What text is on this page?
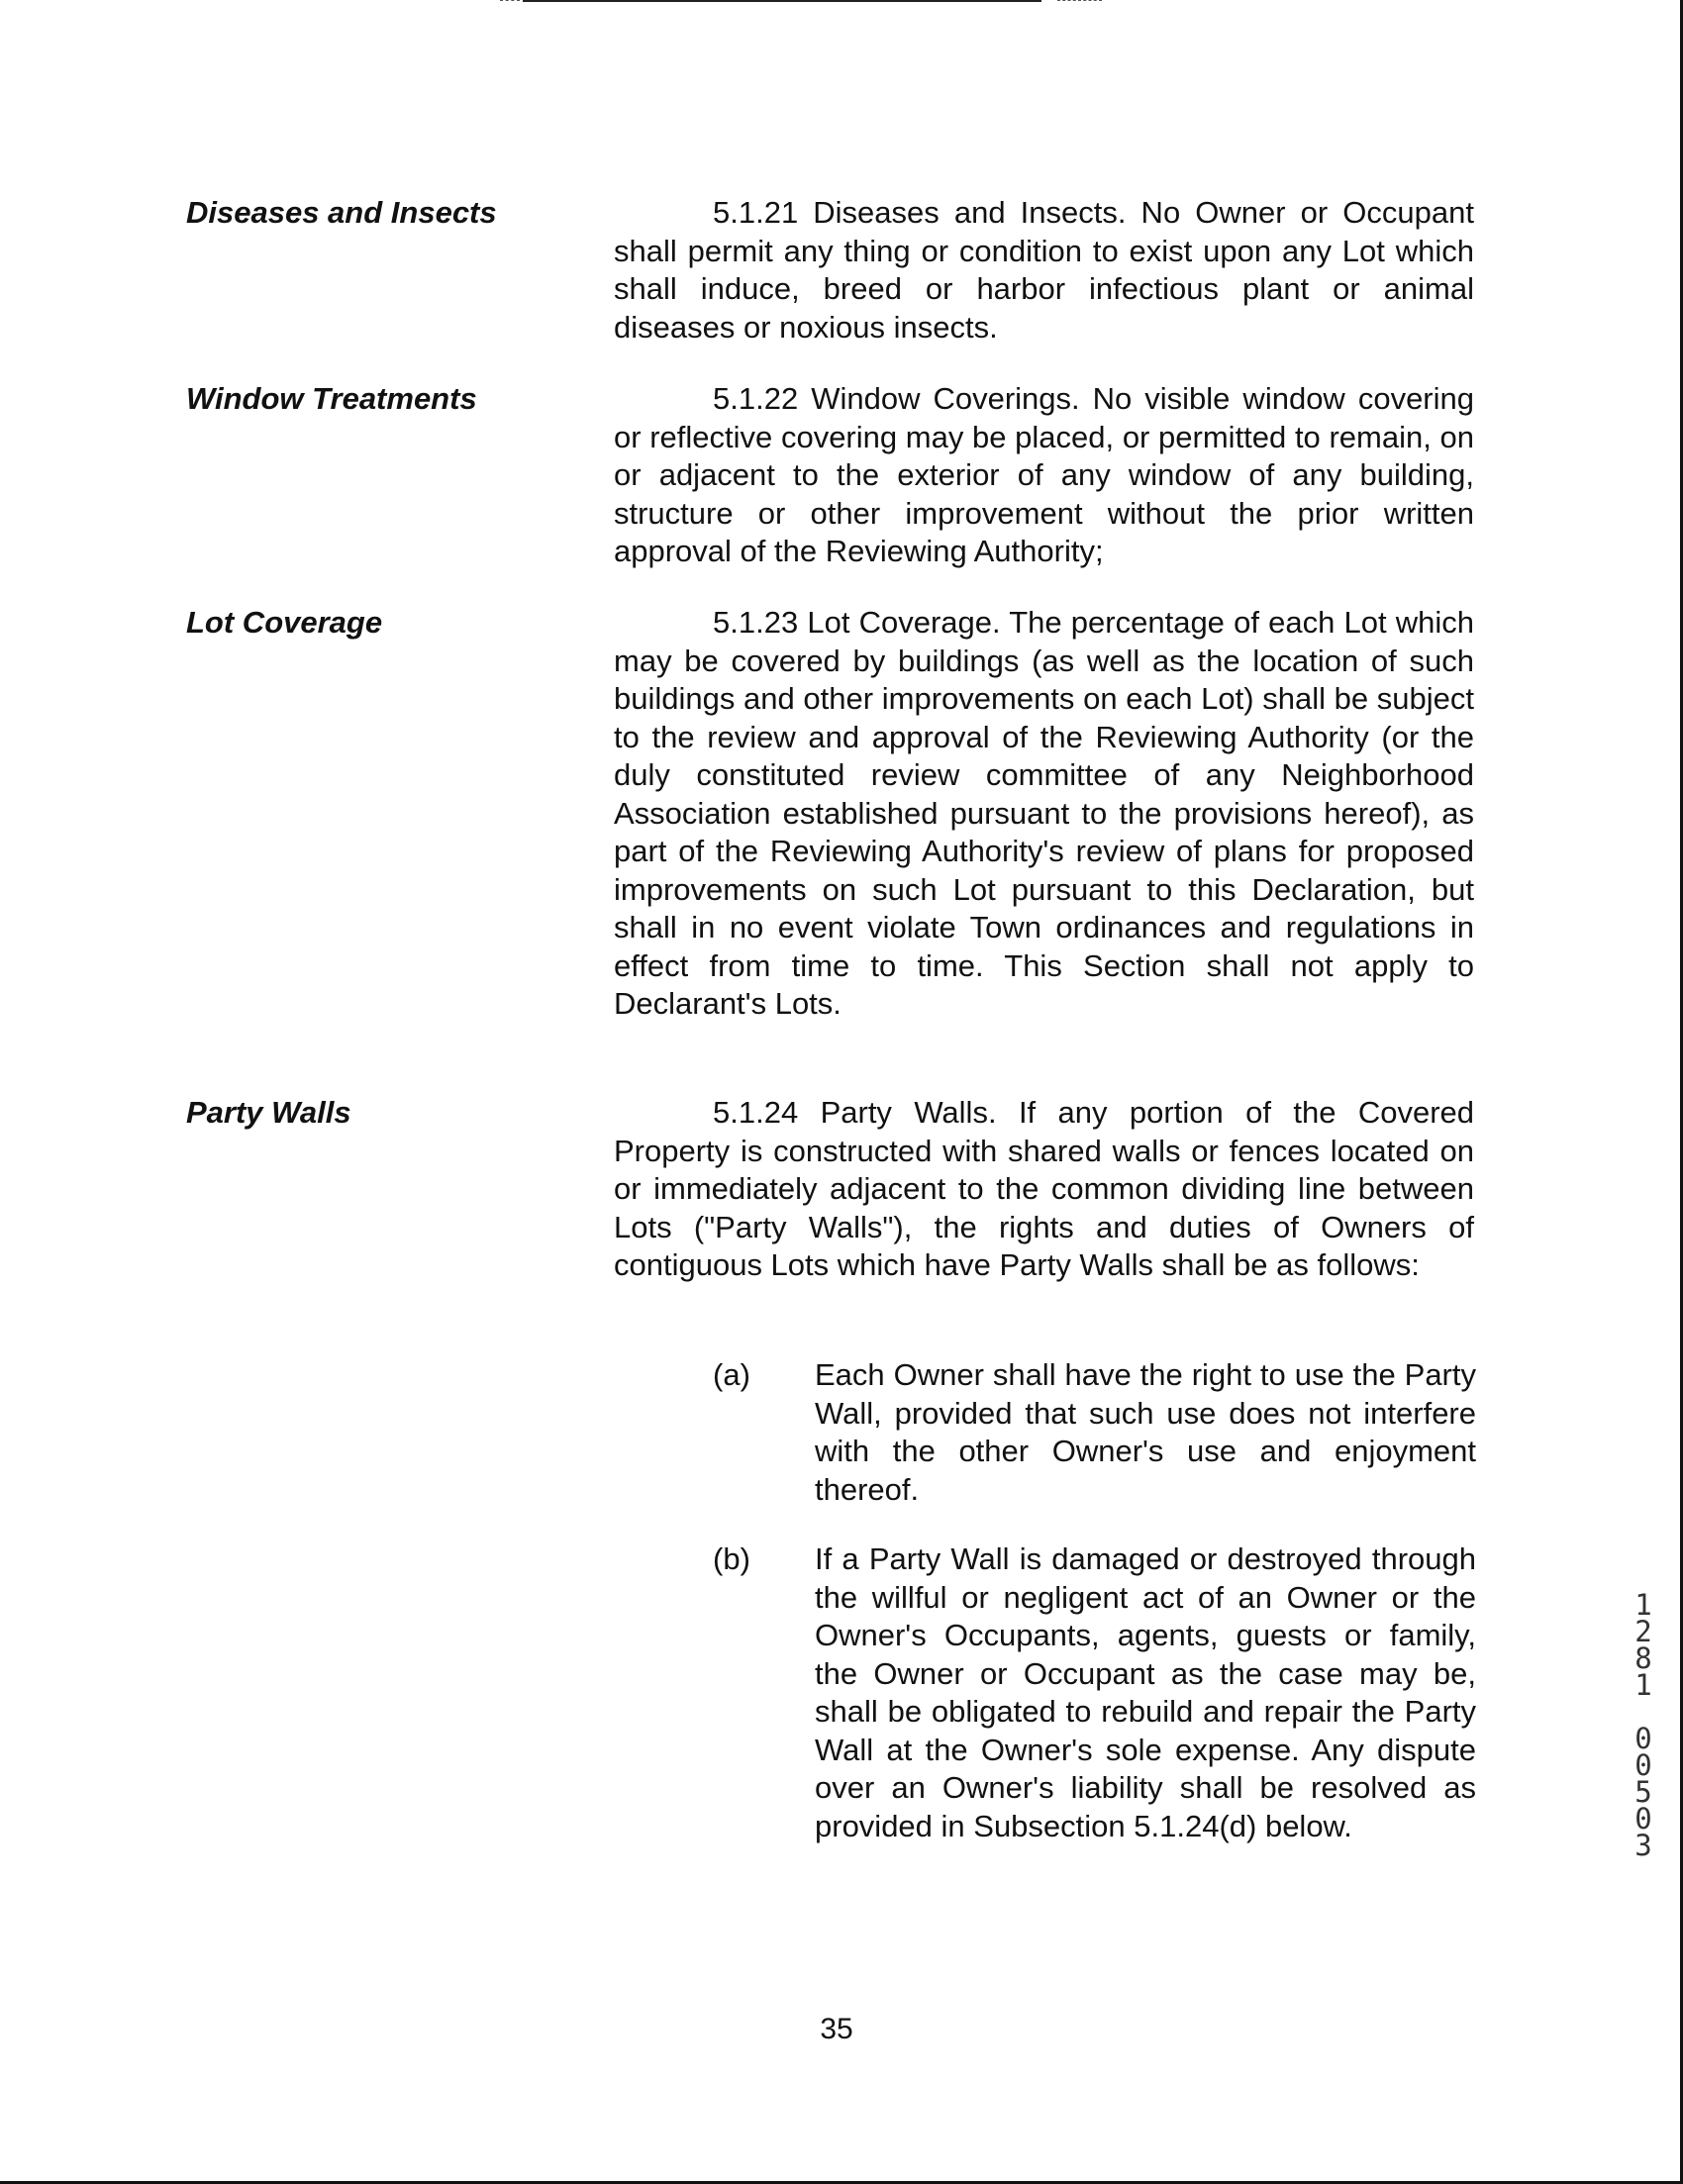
Diseases and Insects	5.1.21 Diseases and Insects. No Owner or Occupant shall permit any thing or condition to exist upon any Lot which shall induce, breed or harbor infectious plant or animal diseases or noxious insects.

Window Treatments	5.1.22 Window Coverings. No visible window covering or reflective covering may be placed, or permitted to remain, on or adjacent to the exterior of any window of any building, structure or other improvement without the prior written approval of the Reviewing Authority;

Lot Coverage	5.1.23 Lot Coverage. The percentage of each Lot which may be covered by buildings (as well as the location of such buildings and other improvements on each Lot) shall be subject to the review and approval of the Reviewing Authority (or the duly constituted review committee of any Neighborhood Association established pursuant to the provisions hereof), as part of the Reviewing Authority's review of plans for proposed improvements on such Lot pursuant to this Declaration, but shall in no event violate Town ordinances and regulations in effect from time to time. This Section shall not apply to Declarant's Lots.

Party Walls	5.1.24 Party Walls. If any portion of the Covered Property is constructed with shared walls or fences located on or immediately adjacent to the common dividing line between Lots ("Party Walls"), the rights and duties of Owners of contiguous Lots which have Party Walls shall be as follows:

(a) Each Owner shall have the right to use the Party Wall, provided that such use does not interfere with the other Owner's use and enjoyment thereof.
(b) If a Party Wall is damaged or destroyed through the willful or negligent act of an Owner or the Owner's Occupants, agents, guests or family, the Owner or Occupant as the case may be, shall be obligated to rebuild and repair the Party Wall at the Owner's sole expense. Any dispute over an Owner's liability shall be resolved as provided in Subsection 5.1.24(d) below.
35
1
2
8
1

0
0
5
0
3
